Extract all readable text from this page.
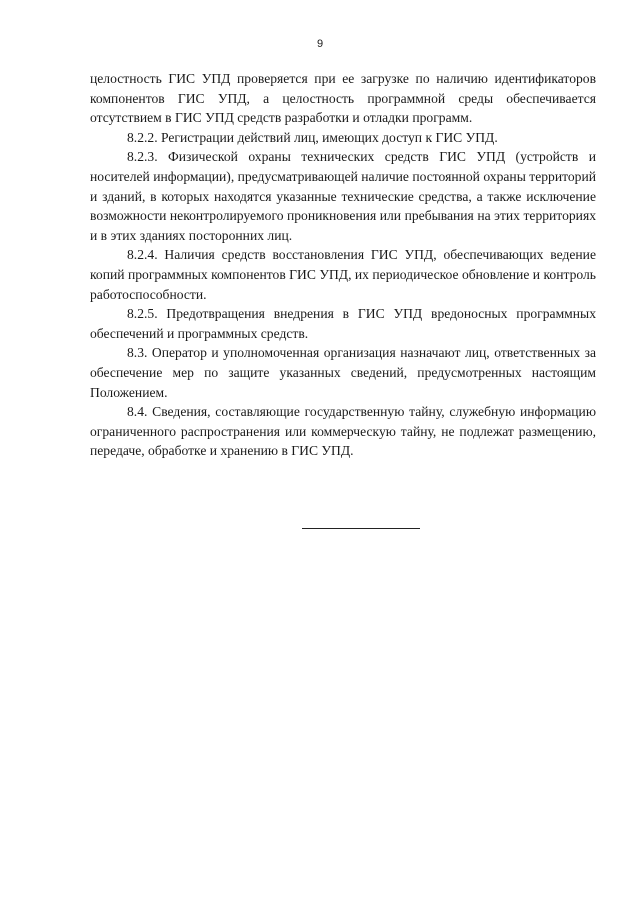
9

целостность ГИС УПД проверяется при ее загрузке по наличию идентификаторов компонентов ГИС УПД, а целостность программной среды обеспечивается отсутствием в ГИС УПД средств разработки и отладки программ.

8.2.2. Регистрации действий лиц, имеющих доступ к ГИС УПД.

8.2.3. Физической охраны технических средств ГИС УПД (устройств и носителей информации), предусматривающей наличие постоянной охраны территорий и зданий, в которых находятся указанные технические средства, а также исключение возможности неконтролируемого проникновения или пребывания на этих территориях и в этих зданиях посторонних лиц.

8.2.4. Наличия средств восстановления ГИС УПД, обеспечивающих ведение копий программных компонентов ГИС УПД, их периодическое обновление и контроль работоспособности.

8.2.5. Предотвращения внедрения в ГИС УПД вредоносных программных обеспечений и программных средств.

8.3. Оператор и уполномоченная организация назначают лиц, ответственных за обеспечение мер по защите указанных сведений, предусмотренных настоящим Положением.

8.4. Сведения, составляющие государственную тайну, служебную информацию ограниченного распространения или коммерческую тайну, не подлежат размещению, передаче, обработке и хранению в ГИС УПД.
